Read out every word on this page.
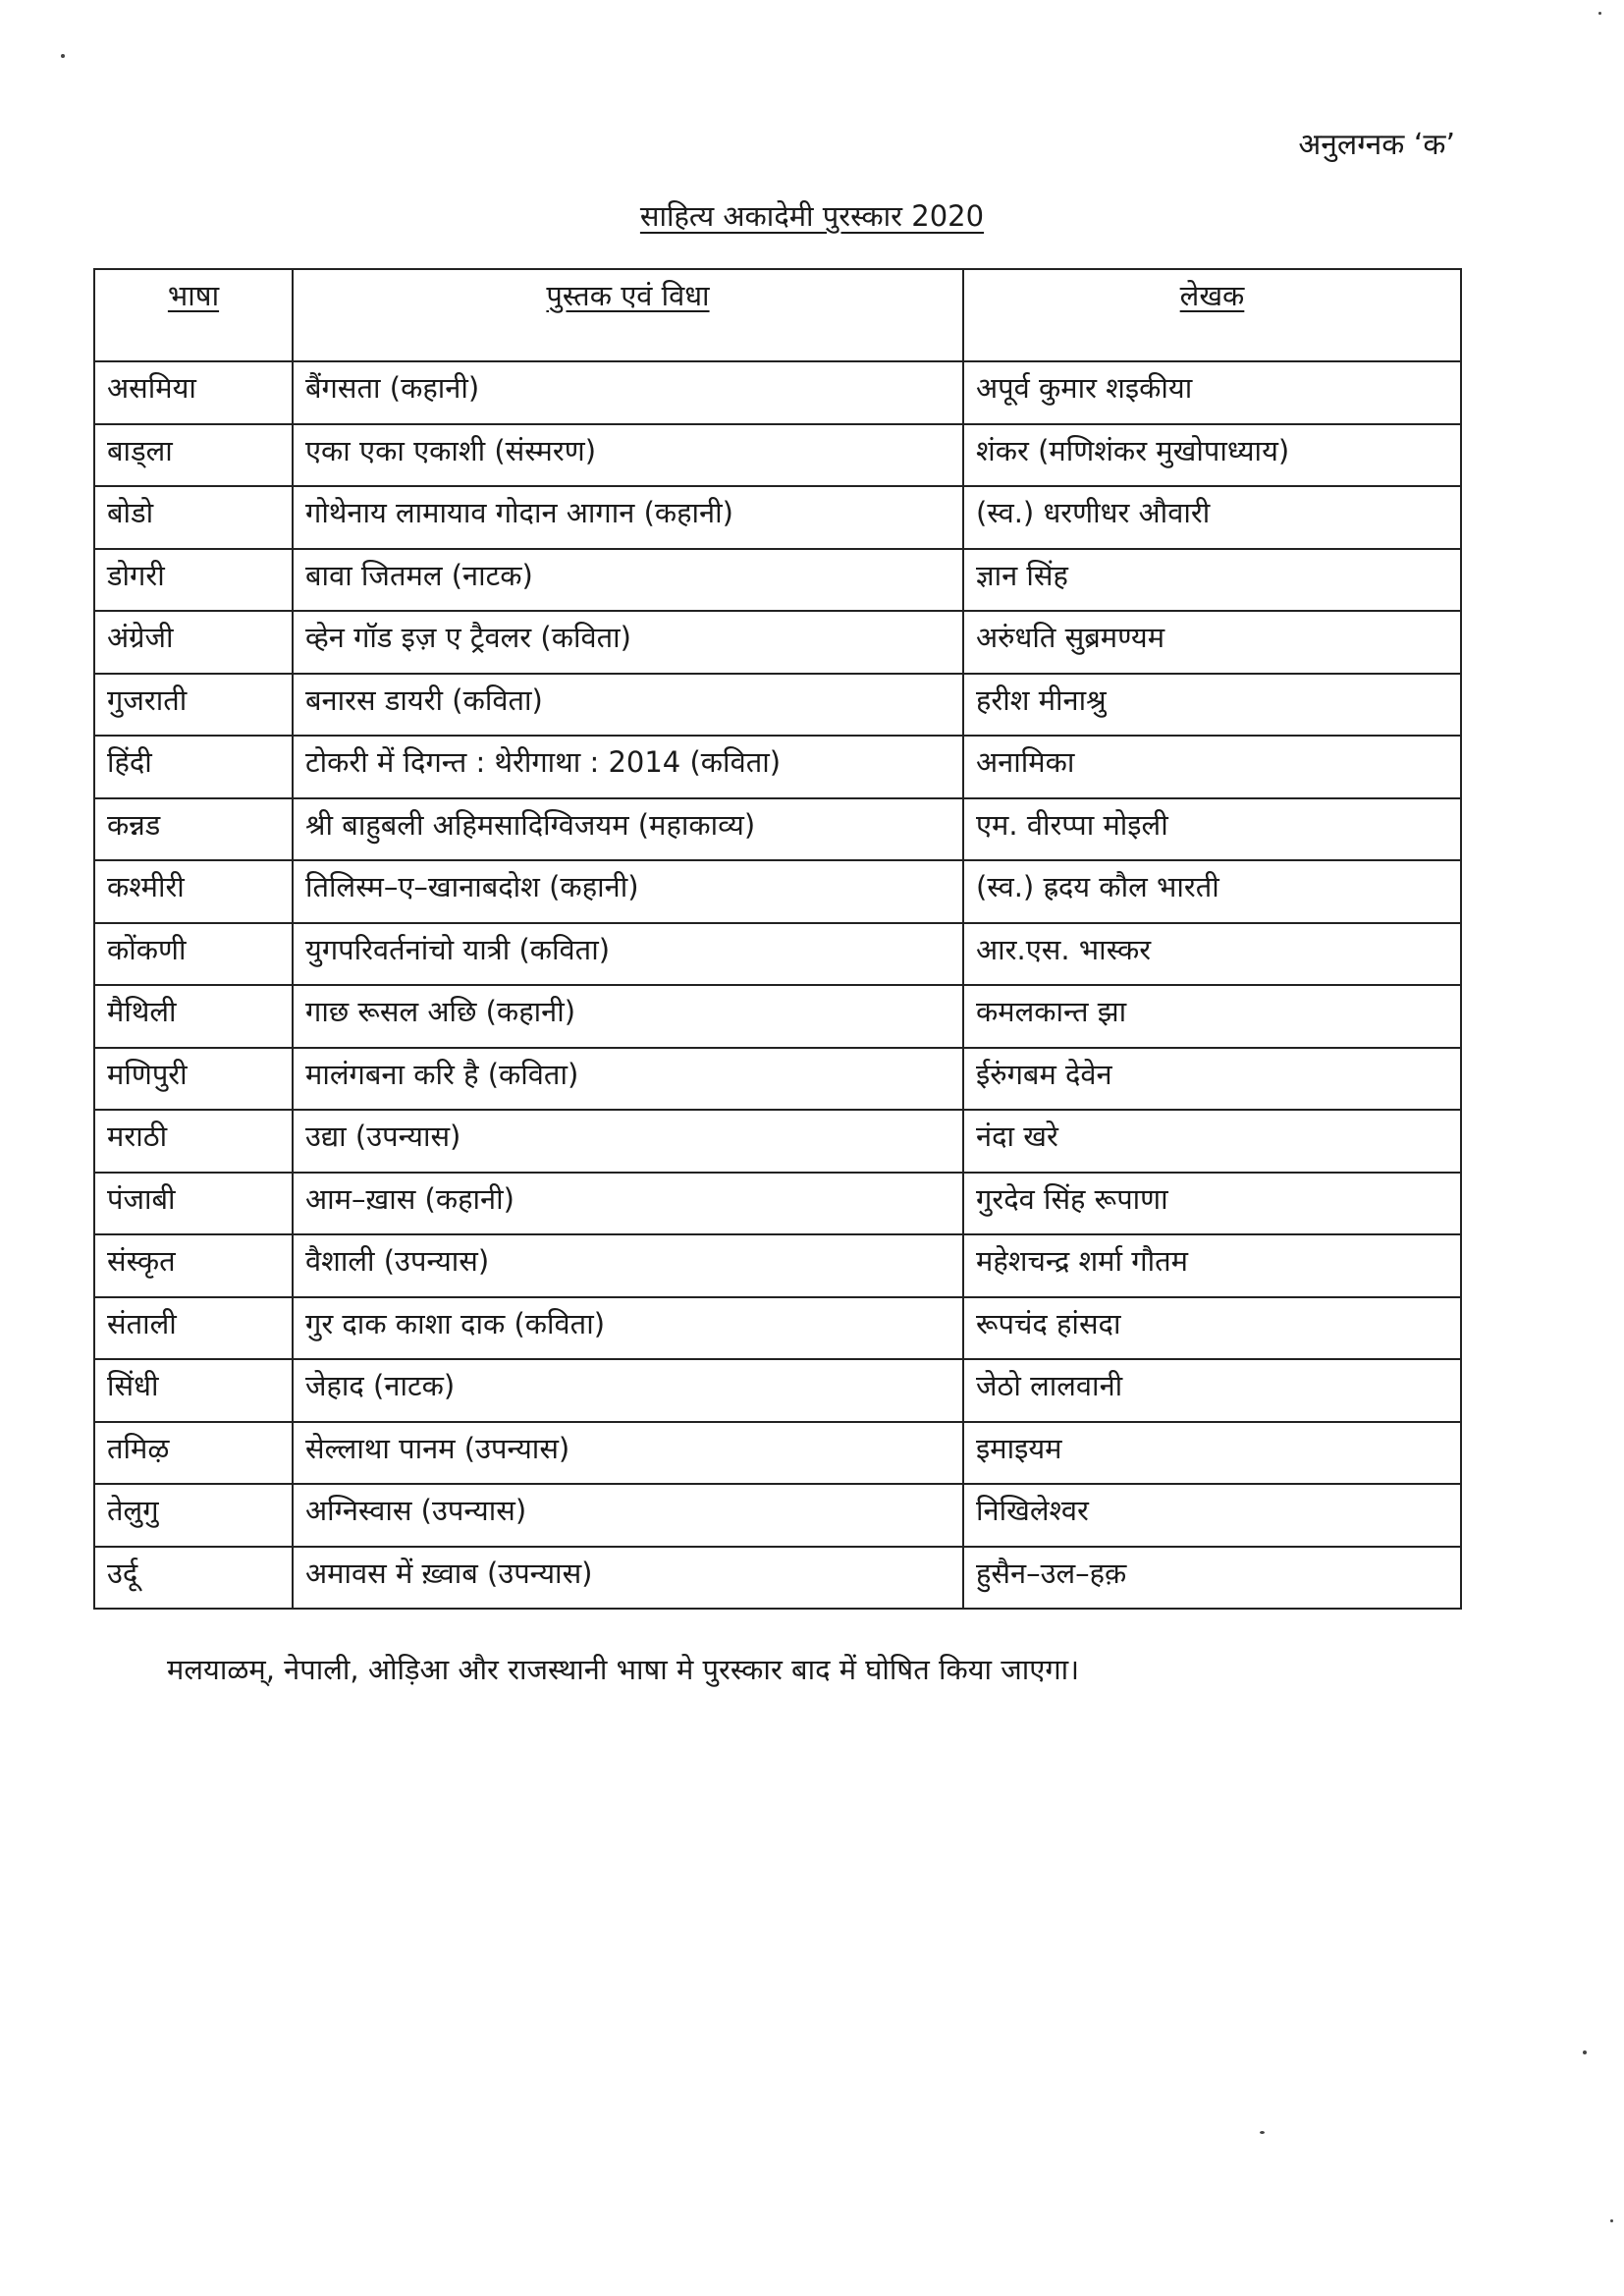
अनुलग्नक ‘क’
साहित्य अकादेमी पुरस्कार 2020
भाषा	पुस्तक एवं विधा	लेखक
असमिया	बैंगसता (कहानी)	अपूर्व कुमार शइकीया
बाड्ला	एका एका एकाशी (संस्मरण)	शंकर (मणिशंकर मुखोपाध्याय)
बोडो	गोथेनाय लामायाव गोदान आगान (कहानी)	(स्व.) धरणीधर औवारी
डोगरी	बावा जितमल (नाटक)	ज्ञान सिंह
अंग्रेजी	व्हेन गॉड इज़ ए ट्रैवलर (कविता)	अरुंधति सुब्रमण्यम
गुजराती	बनारस डायरी (कविता)	हरीश मीनाश्रु
हिंदी	टोकरी में दिगन्त : थेरीगाथा : 2014 (कविता)	अनामिका
कन्नड	श्री बाहुबली अहिमसादिग्विजयम (महाकाव्य)	एम. वीरप्पा मोइली
कश्मीरी	तिलिस्म–ए–खानाबदोश (कहानी)	(स्व.) ह्रदय कौल भारती
कोंकणी	युगपरिवर्तनांचो यात्री (कविता)	आर.एस. भास्कर
मैथिली	गाछ रूसल अछि (कहानी)	कमलकान्त झा
मणिपुरी	मालंगबना करि है (कविता)	ईरुंगबम देवेन
मराठी	उद्या (उपन्यास)	नंदा खरे
पंजाबी	आम–ख़ास (कहानी)	गुरदेव सिंह रूपाणा
संस्कृत	वैशाली (उपन्यास)	महेशचन्द्र शर्मा गौतम
संताली	गुर दाक काशा दाक (कविता)	रूपचंद हांसदा
सिंधी	जेहाद (नाटक)	जेठो लालवानी
तमिऴ	सेल्लाथा पानम (उपन्यास)	इमाइयम
तेलुगु	अग्निस्वास (उपन्यास)	निखिलेश्वर
उर्दू	अमावस में ख़्वाब (उपन्यास)	हुसैन–उल–हक़
मलयाळम्, नेपाली, ओड़िआ और राजस्थानी भाषा मे पुरस्कार बाद में घोषित किया जाएगा।
